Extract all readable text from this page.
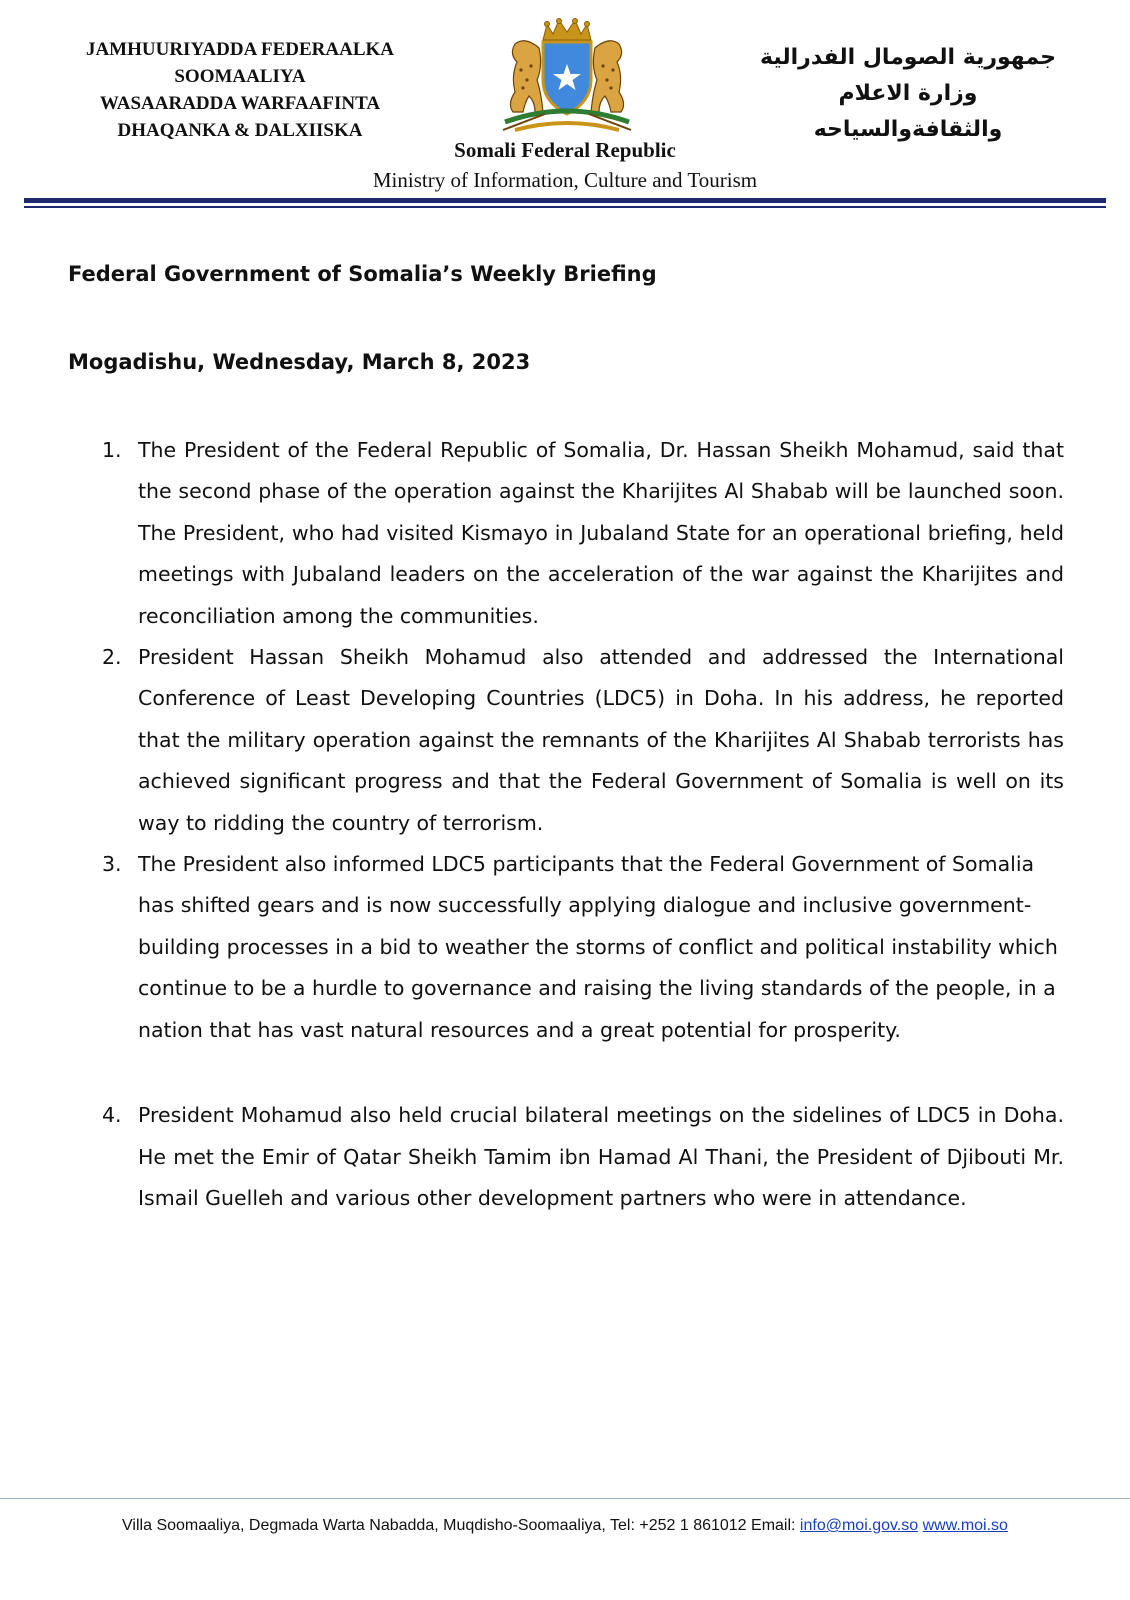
JAMHUURIYADDA FEDERAALKA
SOOMAALIYA
WASAARADDA WARFAAFINTA
DHAQANKA & DALXIISKA
جمهورية الصومال الفدرالية
وزارة الاعلام
والثقافةوالسياحه
Somali Federal Republic
Ministry of Information, Culture and Tourism
Federal Government of Somalia’s Weekly Briefing
Mogadishu, Wednesday, March 8, 2023
1. The President of the Federal Republic of Somalia, Dr. Hassan Sheikh Mohamud, said that the second phase of the operation against the Kharijites Al Shabab will be launched soon. The President, who had visited Kismayo in Jubaland State for an operational briefing, held meetings with Jubaland leaders on the acceleration of the war against the Kharijites and reconciliation among the communities.
2. President Hassan Sheikh Mohamud also attended and addressed the International Conference of Least Developing Countries (LDC5) in Doha. In his address, he reported that the military operation against the remnants of the Kharijites Al Shabab terrorists has achieved significant progress and that the Federal Government of Somalia is well on its way to ridding the country of terrorism.
3. The President also informed LDC5 participants that the Federal Government of Somalia has shifted gears and is now successfully applying dialogue and inclusive government-building processes in a bid to weather the storms of conflict and political instability which continue to be a hurdle to governance and raising the living standards of the people, in a nation that has vast natural resources and a great potential for prosperity.
4. President Mohamud also held crucial bilateral meetings on the sidelines of LDC5 in Doha. He met the Emir of Qatar Sheikh Tamim ibn Hamad Al Thani, the President of Djibouti Mr. Ismail Guelleh and various other development partners who were in attendance.
Villa Soomaaliya, Degmada Warta Nabadda, Muqdisho-Soomaaliya, Tel: +252 1 861012 Email: info@moi.gov.so www.moi.so
